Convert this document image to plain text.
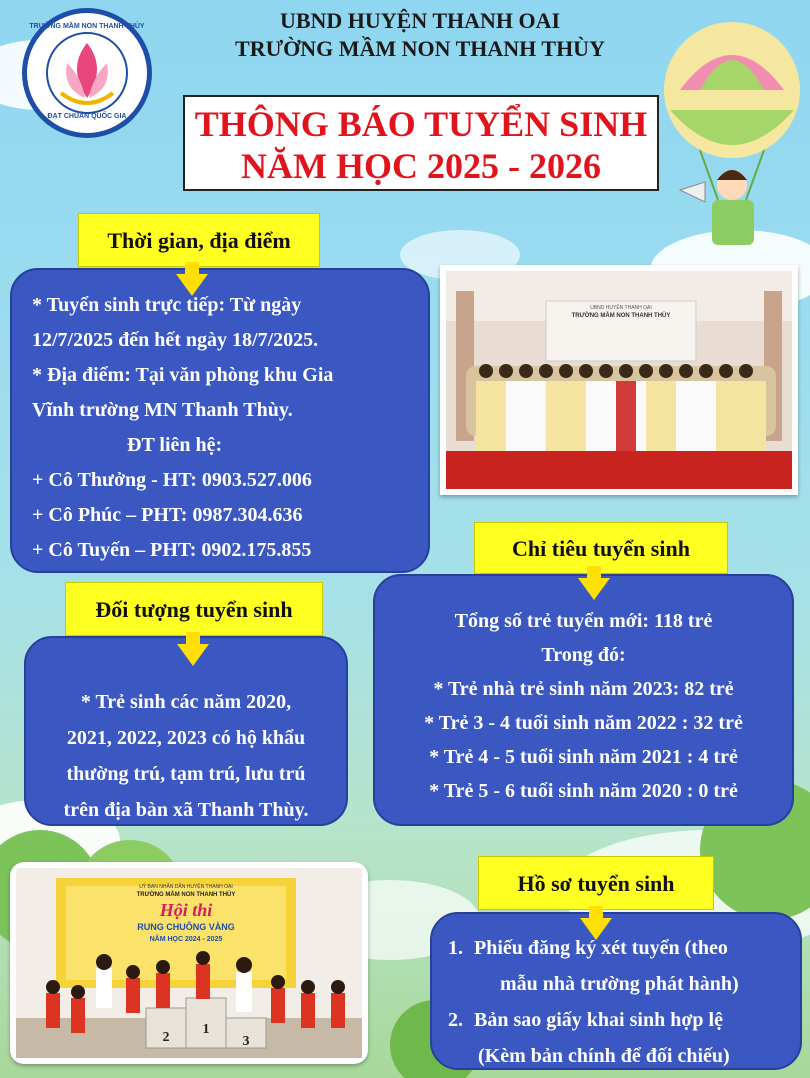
TRƯỜNG MẦM NON THANH THÙY
ĐẠT CHUẨN QUỐC GIA
UBND HUYỆN THANH OAI
TRƯỜNG MẦM NON THANH THÙY
THÔNG BÁO TUYỂN SINH
NĂM HỌC 2025 - 2026
* Tuyển sinh trực tiếp: Từ ngày
12/7/2025 đến hết ngày 18/7/2025.
* Địa điểm: Tại văn phòng khu Gia
Vĩnh trường MN Thanh Thùy.
ĐT liên hệ:
+ Cô Thưởng - HT: 0903.527.006
+ Cô Phúc – PHT: 0987.304.636
+ Cô Tuyến – PHT: 0902.175.855
Thời gian, địa điểm
UBND HUYỆN THANH OAI
TRƯỜNG MẦM NON THANH THÙY
* Trẻ sinh các năm 2020,
2021, 2022, 2023 có hộ khẩu
thường trú, tạm trú, lưu trú
trên địa bàn xã Thanh Thùy.
Đối tượng tuyển sinh	Tổng số trẻ tuyển mới: 118 trẻ
Trong đó:
* Trẻ nhà trẻ sinh năm 2023: 82 trẻ
* Trẻ 3 - 4 tuổi sinh năm 2022 : 32 trẻ
* Trẻ 4 - 5 tuổi sinh năm 2021 : 4 trẻ
* Trẻ 5 - 6 tuổi sinh năm 2020 : 0 trẻ
Chỉ tiêu tuyển sinh
UỶ BAN NHÂN DÂN HUYỆN THANH OAI
TRƯỜNG MẦM NON THANH THÙY
Hội thi
RUNG CHUÔNG VÀNG
NĂM HỌC 2024 - 2025
2
1
3
1. Phiếu đăng ký xét tuyển (theo
mẫu nhà trường phát hành)
2. Bản sao giấy khai sinh hợp lệ
(Kèm bản chính để đối chiếu)
Hồ sơ tuyển sinh
